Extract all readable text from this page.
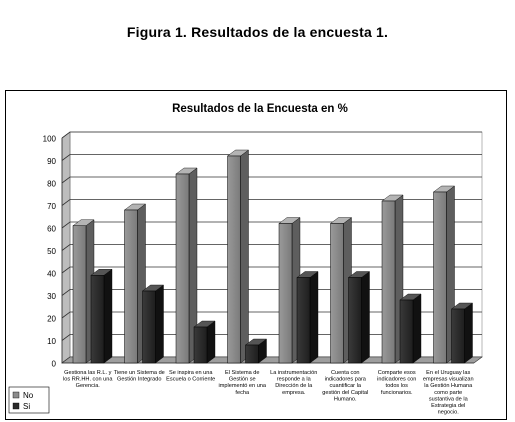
Figura 1. Resultados de la encuesta 1.
Resultados de la Encuesta en %
0
10
20
30
40
50
60
70
80
90
100
Gestiona las R.L. y los RR.HH. con una Gerencia.
Tiene un Sistema de Gestión Integrado
Se inspira en una Escuela o Corriente
El Sistema de Gestión se implementó en una fecha
La instrumentación responde a la Dirección de la empresa.
Cuenta con indicadores para cuantificar la gestión del Capital Humano.
Comparte esos indicadores con todos los funcionarios.
En el Uruguay las empresas visualizan la Gestión Humana como parte sustantiva de la Estrategia del negocio.
No
Si
